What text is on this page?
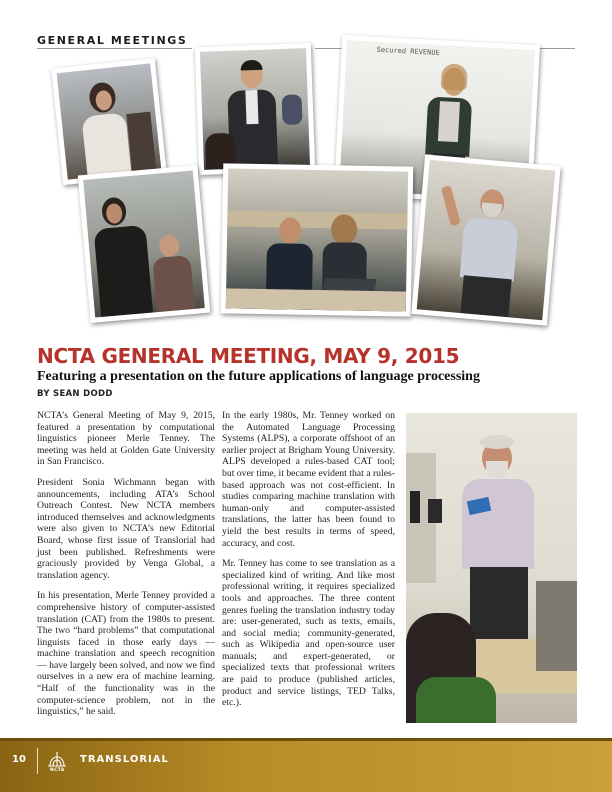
GENERAL MEETINGS
Secured REVENUE
NCTA GENERAL MEETING, MAY 9, 2015
Featuring a presentation on the future applications of language processing
BY SEAN DODD

NCTA’s General Meeting of May 9, 2015, featured a presentation by computational linguistics pioneer Merle Tenney. The meeting was held at Golden Gate University in San Francisco.

President Sonia Wichmann began with announcements, including ATA’s School Outreach Contest. New NCTA members introduced themselves and acknowledgments were also given to NCTA’s new Editorial Board, whose first issue of Translorial had just been published. Refreshments were graciously provided by Venga Global, a translation agency.

In his presentation, Merle Tenney provided a comprehensive history of computer-assisted translation (CAT) from the 1980s to present. The two “hard problems” that computational linguists faced in those early days — machine translation and speech recognition — have largely been solved, and now we find ourselves in a new era of machine learning. “Half of the functionality was in the computer-science problem, not in the linguistics,” he said.

In the early 1980s, Mr. Tenney worked on the Automated Language Processing Systems (ALPS), a corporate offshoot of an earlier project at Brigham Young University. ALPS developed a rules-based CAT tool; but over time, it became evident that a rules-based approach was not cost-efficient. In studies comparing machine translation with human-only and computer-assisted translations, the latter has been found to yield the best results in terms of speed, accuracy, and cost.

Mr. Tenney has come to see translation as a specialized kind of writing. And like most professional writing, it requires specialized tools and approaches. The three content genres fueling the translation industry today are: user-generated, such as texts, emails, and social media; community-generated, such as Wikipedia and open-source user manuals; and expert-generated, or specialized texts that professional writers are paid to produce (published articles, product and service listings, TED Talks, etc.).

10
NCTA
TRANSLORIAL
